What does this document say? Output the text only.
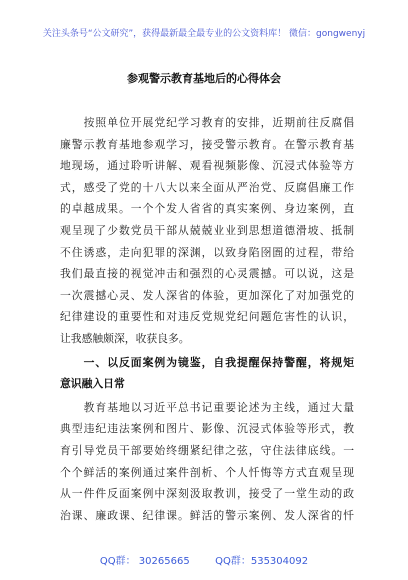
关注头条号“公文研究”，获得最新最全最专业的公文资料库！ 微信：gongwenyj
参观警示教育基地后的心得体会
　　按照单位开展党纪学习教育的安排，近期前往反腐倡
廉警示教育基地参观学习，接受警示教育。在警示教育基
地现场，通过聆听讲解、观看视频影像、沉浸式体验等方
式，感受了党的十八大以来全面从严治党、反腐倡廉工作
的卓越成果。一个个发人省省的真实案例、身边案例，直
观呈现了少数党员干部从兢兢业业到思想道德滑坡、抵制
不住诱惑，走向犯罪的深渊，以致身陷囹圄的过程，带给
我们最直接的视觉冲击和强烈的心灵震撼。可以说，这是
一次震撼心灵、发人深省的体验，更加深化了对加强党的
纪律建设的重要性和对违反党规党纪问题危害性的认识，
让我感触颇深，收获良多。
　　一、以反面案例为镜鉴，自我提醒保持警醒，将规矩
意识融入日常
　　教育基地以习近平总书记重要论述为主线，通过大量
典型违纪违法案例和图片、影像、沉浸式体验等形式，教
育引导党员干部要始终绷紧纪律之弦，守住法律底线。一
个个鲜活的案例通过案件剖析、个人忏悔等方式直观呈现
从一件件反面案例中深刻汲取教训，接受了一堂生动的政
治课、廉政课、纪律课。鲜活的警示案例、发人深省的忏
QQ群： 30265665        QQ群：535304092
